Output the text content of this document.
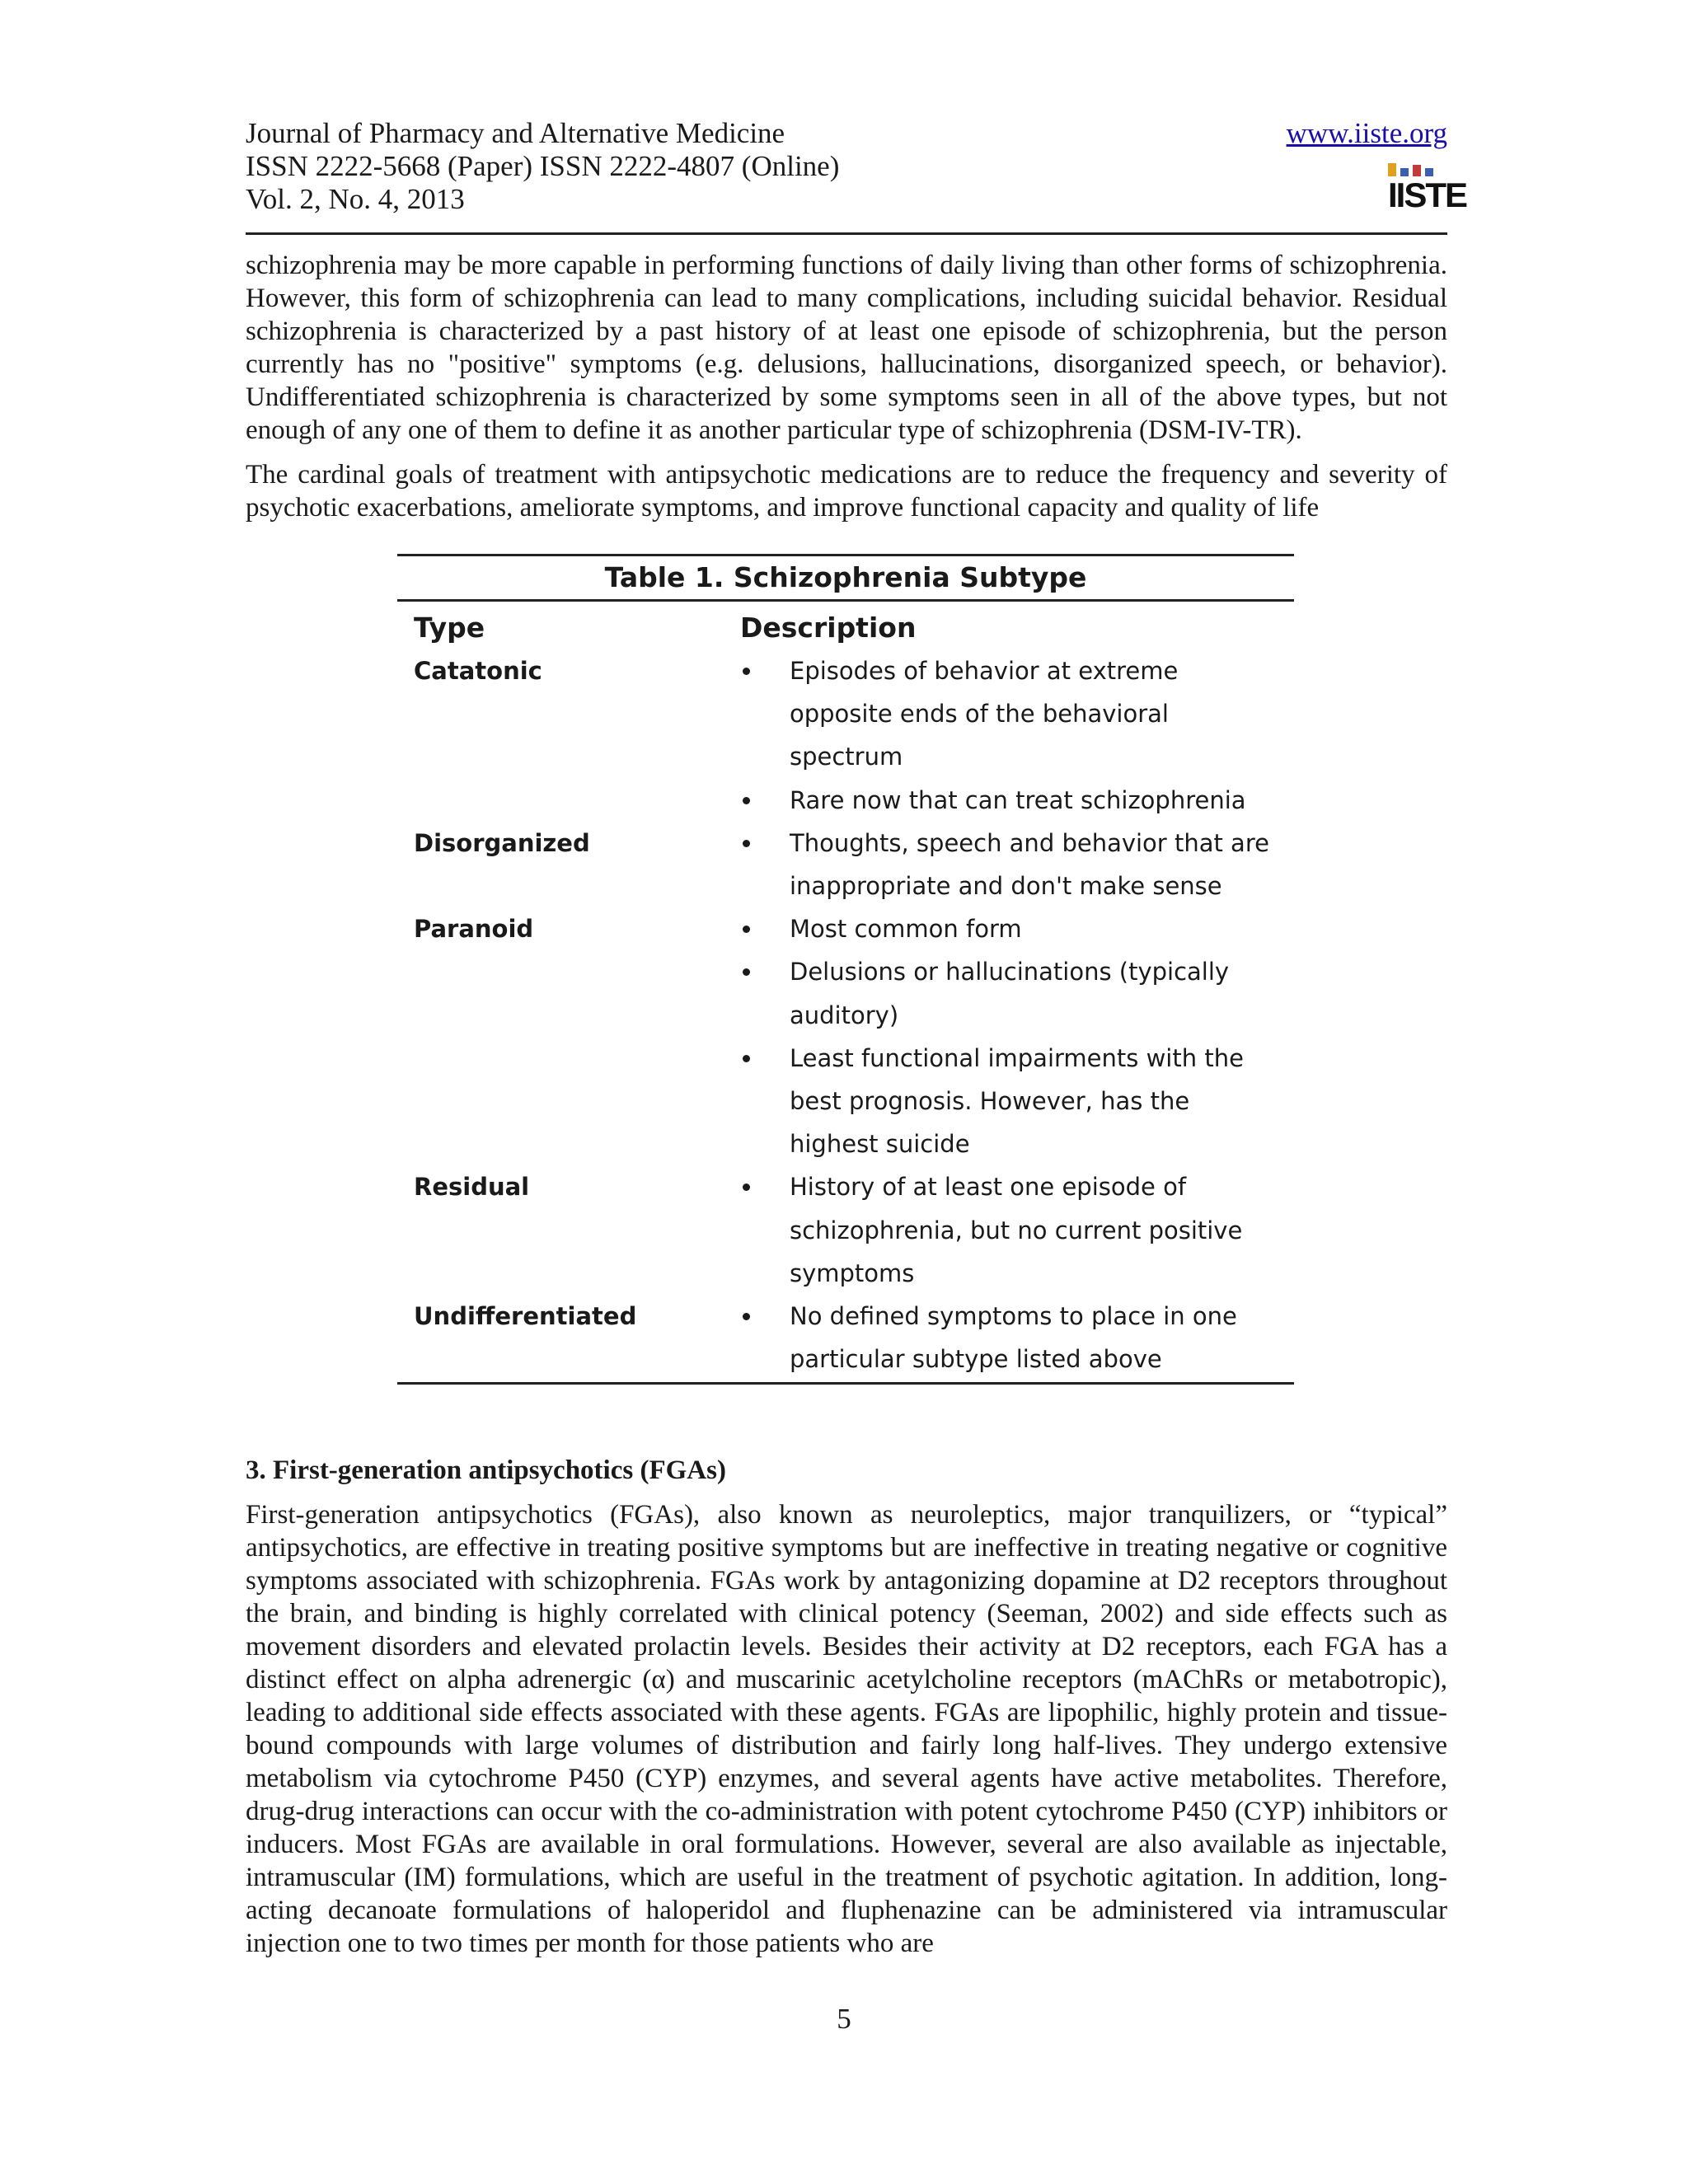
Journal of Pharmacy and Alternative Medicine
ISSN 2222-5668 (Paper) ISSN 2222-4807 (Online)
Vol. 2, No. 4, 2013
www.iiste.org
IISTE

schizophrenia may be more capable in performing functions of daily living than other forms of schizophrenia. However, this form of schizophrenia can lead to many complications, including suicidal behavior. Residual schizophrenia is characterized by a past history of at least one episode of schizophrenia, but the person currently has no "positive" symptoms (e.g. delusions, hallucinations, disorganized speech, or behavior). Undifferentiated schizophrenia is characterized by some symptoms seen in all of the above types, but not enough of any one of them to define it as another particular type of schizophrenia (DSM-IV-TR).

The cardinal goals of treatment with antipsychotic medications are to reduce the frequency and severity of psychotic exacerbations, ameliorate symptoms, and improve functional capacity and quality of life

Table 1. Schizophrenia Subtype
Type	Description
Catatonic	Episodes of behavior at extreme opposite ends of the behavioral spectrum
Rare now that can treat schizophrenia
Disorganized	Thoughts, speech and behavior that are inappropriate and don't make sense
Paranoid	Most common form
Delusions or hallucinations (typically auditory)
Least functional impairments with the best prognosis. However, has the highest suicide
Residual	History of at least one episode of schizophrenia, but no current positive symptoms
Undifferentiated	No defined symptoms to place in one particular subtype listed above
3. First-generation antipsychotics (FGAs)

First-generation antipsychotics (FGAs), also known as neuroleptics, major tranquilizers, or “typical” antipsychotics, are effective in treating positive symptoms but are ineffective in treating negative or cognitive symptoms associated with schizophrenia. FGAs work by antagonizing dopamine at D2 receptors throughout the brain, and binding is highly correlated with clinical potency (Seeman, 2002) and side effects such as movement disorders and elevated prolactin levels. Besides their activity at D2 receptors, each FGA has a distinct effect on alpha adrenergic (α) and muscarinic acetylcholine receptors (mAChRs or metabotropic), leading to additional side effects associated with these agents. FGAs are lipophilic, highly protein and tissue-bound compounds with large volumes of distribution and fairly long half-lives. They undergo extensive metabolism via cytochrome P450 (CYP) enzymes, and several agents have active metabolites. Therefore, drug-drug interactions can occur with the co-administration with potent cytochrome P450 (CYP) inhibitors or inducers. Most FGAs are available in oral formulations. However, several are also available as injectable, intramuscular (IM) formulations, which are useful in the treatment of psychotic agitation. In addition, long-acting decanoate formulations of haloperidol and fluphenazine can be administered via intramuscular injection one to two times per month for those patients who are

5
